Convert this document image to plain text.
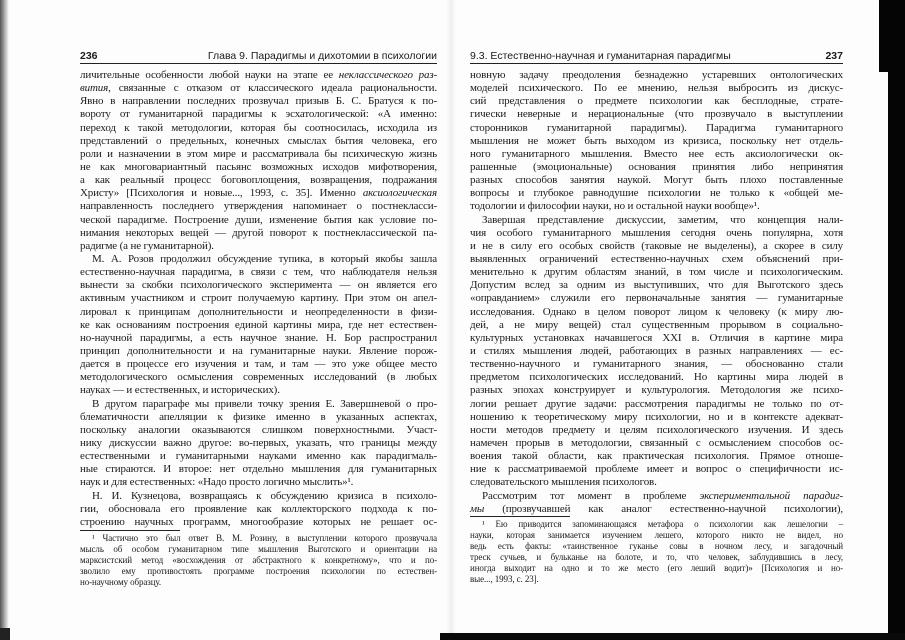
236	Глава 9. Парадигмы и дихотомии в психологии
личительные особенности любой науки на этапе ее неклассического раз-
вития, связанные с отказом от классического идеала рациональности.
Явно в направлении последних прозвучал призыв Б. С. Братуся к по-
вороту от гуманитарной парадигмы к эсхатологической: «А именно:
переход к такой методологии, которая бы соотносилась, исходила из
представлений о предельных, конечных смыслах бытия человека, его
роли и назначении в этом мире и рассматривала бы психическую жизнь
не как многовариантный пасьянс возможных исходов мифотворения,
а как реальный процесс боговоплощения, возвращения, подражания
Христу» [Психология и новые..., 1993, с. 35]. Именно аксиологическая
направленность последнего утверждения напоминает о постнекласси-
ческой парадигме. Построение души, изменение бытия как условие по-
нимания некоторых вещей — другой поворот к постнеклассической па-
радигме (а не гуманитарной).
М. А. Розов продолжил обсуждение тупика, в который якобы зашла
естественно-научная парадигма, в связи с тем, что наблюдателя нельзя
вынести за скобки психологического эксперимента — он является его
активным участником и строит получаемую картину. При этом он апел-
лировал к принципам дополнительности и неопределенности в физи-
ке как основаниям построения единой картины мира, где нет естествен-
но-научной парадигмы, а есть научное знание. Н. Бор распространил
принцип дополнительности и на гуманитарные науки. Явление порож-
дается в процессе его изучения и там, и там — это уже общее место
методологического осмысления современных исследований (в любых
науках — и естественных, и исторических).
В другом параграфе мы привели точку зрения Е. Завершневой о про-
блематичности апелляции к физике именно в указанных аспектах,
поскольку аналогии оказываются слишком поверхностными. Участ-
нику дискуссии важно другое: во-первых, указать, что границы между
естественными и гуманитарными науками именно как парадигмаль-
ные стираются. И второе: нет отдельно мышления для гуманитарных
наук и для естественных: «Надо просто логично мыслить»¹.
Н. И. Кузнецова, возвращаясь к обсуждению кризиса в психоло-
гии, обосновала его проявление как коллекторского подхода к по-
строению научных программ, многообразие которых не решает ос-
¹ Частично это был ответ В. М. Розину, в выступлении которого прозвучала
мысль об особом гуманитарном типе мышления Выготского и ориентации на
марксистский метод «восхождения от абстрактного к конкретному», что и по-
зволило ему противостоять программе построения психологии по естествен-
но-научному образцу.
9.3. Естественно-научная и гуманитарная парадигмы	237
новную задачу преодоления безнадежно устаревших онтологических
моделей психического. По ее мнению, нельзя выбросить из дискус-
сий представления о предмете психологии как бесплодные, страте-
гически неверные и нерациональные (что прозвучало в выступлении
сторонников гуманитарной парадигмы). Парадигма гуманитарного
мышления не может быть выходом из кризиса, поскольку нет отдель-
ного гуманитарного мышления. Вместо нее есть аксиологически ок-
рашенные (эмоциональные) основания принятия либо непринятия
разных способов занятия наукой. Могут быть плохо поставленные
вопросы и глубокое равнодушие психологии не только к «общей ме-
тодологии и философии науки, но и остальной науки вообще»¹.
Завершая представление дискуссии, заметим, что концепция нали-
чия особого гуманитарного мышления сегодня очень популярна, хотя
и не в силу его особых свойств (таковые не выделены), а скорее в силу
выявленных ограничений естественно-научных схем объяснений при-
менительно к другим областям знаний, в том числе и психологическим.
Допустим вслед за одним из выступивших, что для Выготского здесь
«оправданием» служили его первоначальные занятия — гуманитарные
исследования. Однако в целом поворот лицом к человеку (к миру лю-
дей, а не миру вещей) стал существенным прорывом в социально-
культурных установках начавшегося XXI в. Отличия в картине мира
и стилях мышления людей, работающих в разных направлениях — ес-
тественно-научного и гуманитарного знания, — обоснованно стали
предметом психологических исследований. Но картины мира людей в
разных эпохах конструирует и культурология. Методология же психо-
логии решает другие задачи: рассмотрения парадигмы не только по от-
ношению к теоретическому миру психологии, но и в контексте адекват-
ности методов предмету и целям психологического изучения. И здесь
намечен прорыв в методологии, связанный с осмыслением способов ос-
воения такой области, как практическая психология. Прямое отноше-
ние к рассматриваемой проблеме имеет и вопрос о специфичности ис-
следовательского мышления психологов.
Рассмотрим тот момент в проблеме экспериментальной парадиг-
мы (прозвучавшей как аналог естественно-научной психологии),
¹ Ею приводится запоминающаяся метафора о психологии как лешелогии –
науки, которая занимается изучением лешего, которого никто не видел, но
ведь есть факты: «таинственное гуканье совы в ночном лесу, и загадочный
треск сучьев, и бульканье на болоте, и то, что человек, заблудившись в лесу,
иногда выходит на одно и то же место (его леший водит)» [Психология и но-
вые..., 1993, с. 23].
